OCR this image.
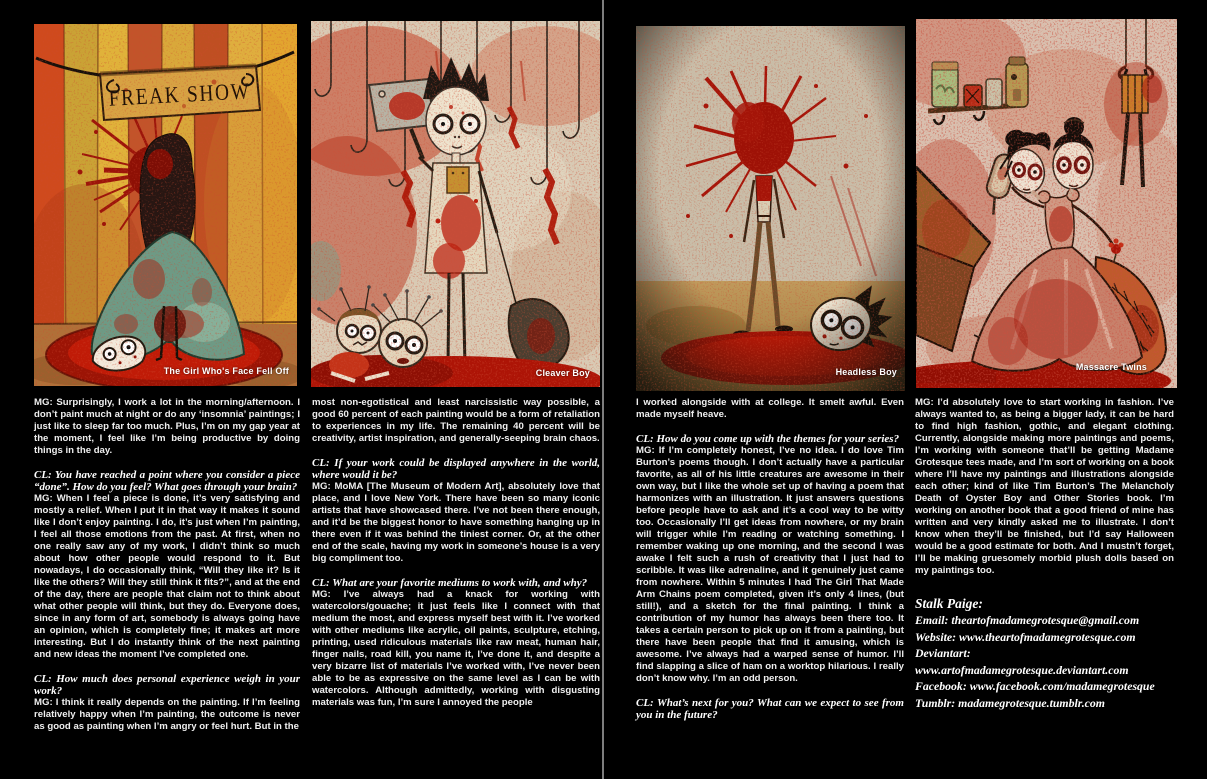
FREAK SHOW
The Girl Who's Face Fell Off	Cleaver Boy	Headless Boy	Massacre Twins

MG: Surprisingly, I work a lot in the morning/afternoon. I don’t paint much at night or do any ‘insomnia’ paintings; I just like to sleep far too much. Plus, I’m on my gap year at the moment, I feel like I’m being productive by doing things in the day.

CL: You have reached a point where you consider a piece “done”. How do you feel? What goes through your brain?

MG: When I feel a piece is done, it’s very satisfying and mostly a relief. When I put it in that way it makes it sound like I don’t enjoy painting. I do, it’s just when I’m painting, I feel all those emotions from the past. At first, when no one really saw any of my work, I didn’t think so much about how other people would respond to it. But nowadays, I do occasionally think, “Will they like it? Is it like the others? Will they still think it fits?”, and at the end of the day, there are people that claim not to think about what other people will think, but they do. Everyone does, since in any form of art, somebody is always going have an opinion, which is completely fine; it makes art more interesting. But I do instantly think of the next painting and new ideas the moment I’ve completed one.

CL: How much does personal experience weigh in your work?

MG: I think it really depends on the painting. If I’m feeling relatively happy when I’m painting, the outcome is never as good as painting when I’m angry or feel hurt. But in the

most non-egotistical and least narcissistic way possible, a good 60 percent of each painting would be a form of retaliation to experiences in my life. The remaining 40 percent will be creativity, artist inspiration, and generally-seeping brain chaos.

CL: If your work could be displayed anywhere in the world, where would it be?

MG: MoMA [The Museum of Modern Art], absolutely love that place, and I love New York. There have been so many iconic artists that have showcased there. I’ve not been there enough, and it’d be the biggest honor to have something hanging up in there even if it was behind the tiniest corner. Or, at the other end of the scale, having my work in someone’s house is a very big compliment too.

CL: What are your favorite mediums to work with, and why?

MG: I’ve always had a knack for working with watercolors/gouache; it just feels like I connect with that medium the most, and express myself best with it. I’ve worked with other mediums like acrylic, oil paints, sculpture, etching, printing, used ridiculous materials like raw meat, human hair, finger nails, road kill, you name it, I’ve done it, and despite a very bizarre list of materials I’ve worked with, I’ve never been able to be as expressive on the same level as I can be with watercolors. Although admittedly, working with disgusting materials was fun, I’m sure I annoyed the people

I worked alongside with at college. It smelt awful. Even made myself heave.

CL: How do you come up with the themes for your series?

MG: If I’m completely honest, I’ve no idea. I do love Tim Burton’s poems though. I don’t actually have a particular favorite, as all of his little creatures are awesome in their own way, but I like the whole set up of having a poem that harmonizes with an illustration. It just answers questions before people have to ask and it’s a cool way to be witty too. Occasionally I’ll get ideas from nowhere, or my brain will trigger while I’m reading or watching something. I remember waking up one morning, and the second I was awake I felt such a rush of creativity that I just had to scribble. It was like adrenaline, and it genuinely just came from nowhere. Within 5 minutes I had The Girl That Made Arm Chains poem completed, given it’s only 4 lines, (but still!), and a sketch for the final painting. I think a contribution of my humor has always been there too. It takes a certain person to pick up on it from a painting, but there have been people that find it amusing, which is awesome. I’ve always had a warped sense of humor. I’ll find slapping a slice of ham on a worktop hilarious. I really don’t know why. I’m an odd person.

CL: What’s next for you? What can we expect to see from you in the future?

MG: I’d absolutely love to start working in fashion. I’ve always wanted to, as being a bigger lady, it can be hard to find high fashion, gothic, and elegant clothing. Currently, alongside making more paintings and poems, I’m working with someone that’ll be getting Madame Grotesque tees made, and I’m sort of working on a book where I’ll have my paintings and illustrations alongside each other; kind of like Tim Burton’s The Melancholy Death of Oyster Boy and Other Stories book. I’m working on another book that a good friend of mine has written and very kindly asked me to illustrate. I don’t know when they’ll be finished, but I’d say Halloween would be a good estimate for both. And I mustn’t forget, I’ll be making gruesomely morbid plush dolls based on my paintings too.

Stalk Paige:

Email: theartofmadamegrotesque@gmail.com

Website: www.theartofmadamegrotesque.com

Deviantart: www.artofmadamegrotesque.deviantart.com

Facebook: www.facebook.com/madamegrotesque

Tumblr: madamegrotesque.tumblr.com
